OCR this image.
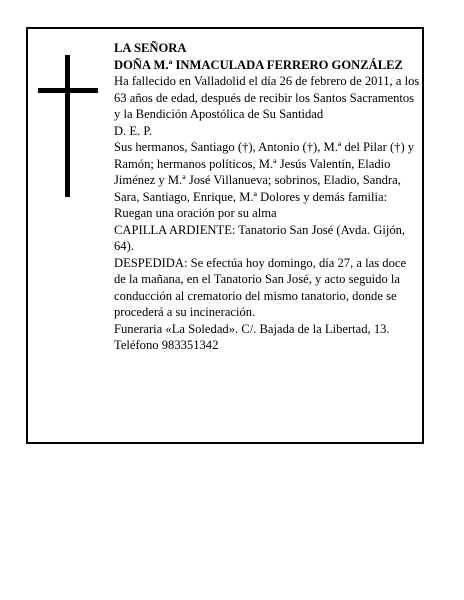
LA SEÑORA

DOÑA M.ª INMACULADA FERRERO GONZÁLEZ

Ha fallecido en Valladolid el día 26 de febrero de 2011, a los 63 años de edad, después de recibir los Santos Sacramentos y la Bendición Apostólica de Su Santidad

D. E. P.

Sus hermanos, Santiago (†), Antonio (†), M.ª del Pilar (†) y Ramón; hermanos políticos, M.ª Jesús Valentín, Eladio Jiménez y M.ª José Villanueva; sobrinos, Eladio, Sandra, Sara, Santiago, Enrique, M.ª Dolores y demás familia:

Ruegan una oración por su alma

CAPILLA ARDIENTE: Tanatorio San José (Avda. Gijón, 64).

DESPEDIDA: Se efectúa hoy domingo, día 27, a las doce de la mañana, en el Tanatorio San José, y acto seguido la conducción al crematorio del mismo tanatorio, donde se procederá a su incineración.

Funeraria «La Soledad». C/. Bajada de la Libertad, 13. Teléfono 983351342
